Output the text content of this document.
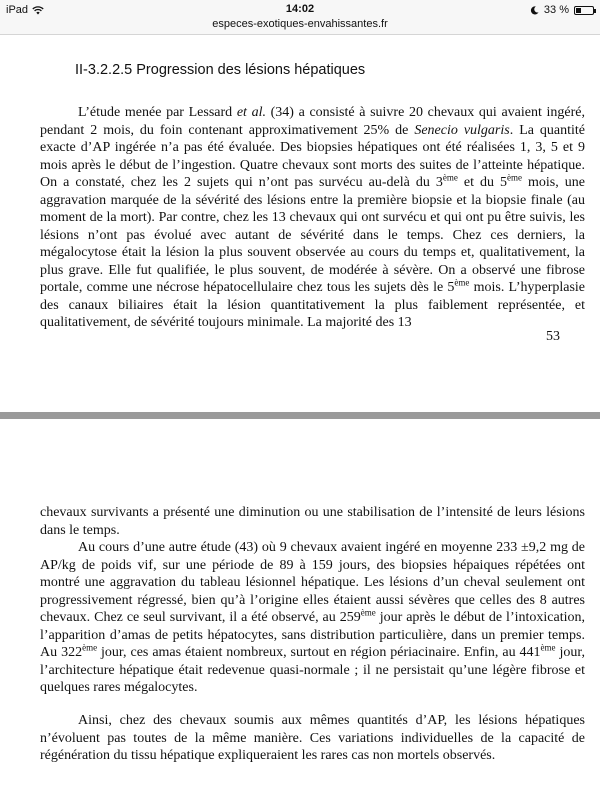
iPad	14:02	33 %
especes-exotiques-envahissantes.fr
II-3.2.2.5 Progression des lésions hépatiques

L’étude menée par Lessard et al. (34) a consisté à suivre 20 chevaux qui avaient ingéré, pendant 2 mois, du foin contenant approximativement 25% de Senecio vulgaris. La quantité exacte d’AP ingérée n’a pas été évaluée. Des biopsies hépatiques ont été réalisées 1, 3, 5 et 9 mois après le début de l’ingestion. Quatre chevaux sont morts des suites de l’atteinte hépatique. On a constaté, chez les 2 sujets qui n’ont pas survécu au-delà du 3ème et du 5ème mois, une aggravation marquée de la sévérité des lésions entre la première biopsie et la biopsie finale (au moment de la mort). Par contre, chez les 13 chevaux qui ont survécu et qui ont pu être suivis, les lésions n’ont pas évolué avec autant de sévérité dans le temps. Chez ces derniers, la mégalocytose était la lésion la plus souvent observée au cours du temps et, qualitativement, la plus grave. Elle fut qualifiée, le plus souvent, de modérée à sévère. On a observé une fibrose portale, comme une nécrose hépatocellulaire chez tous les sujets dès le 5ème mois. L’hyperplasie des canaux biliaires était la lésion quantitativement la plus faiblement représentée, et qualitativement, de sévérité toujours minimale. La majorité des 13

53

chevaux survivants a présenté une diminution ou une stabilisation de l’intensité de leurs lésions dans le temps.

Au cours d’une autre étude (43) où 9 chevaux avaient ingéré en moyenne 233 ±9,2 mg de AP/kg de poids vif, sur une période de 89 à 159 jours, des biopsies hépaiques répétées ont montré une aggravation du tableau lésionnel hépatique. Les lésions d’un cheval seulement ont progressivement régressé, bien qu’à l’origine elles étaient aussi sévères que celles des 8 autres chevaux. Chez ce seul survivant, il a été observé, au 259ème jour après le début de l’intoxication, l’apparition d’amas de petits hépatocytes, sans distribution particulière, dans un premier temps. Au 322ème jour, ces amas étaient nombreux, surtout en région périacinaire. Enfin, au 441ème jour, l’architecture hépatique était redevenue quasi-normale ; il ne persistait qu’une légère fibrose et quelques rares mégalocytes.

Ainsi, chez des chevaux soumis aux mêmes quantités d’AP, les lésions hépatiques n’évoluent pas toutes de la même manière. Ces variations individuelles de la capacité de régénération du tissu hépatique expliqueraient les rares cas non mortels observés.
